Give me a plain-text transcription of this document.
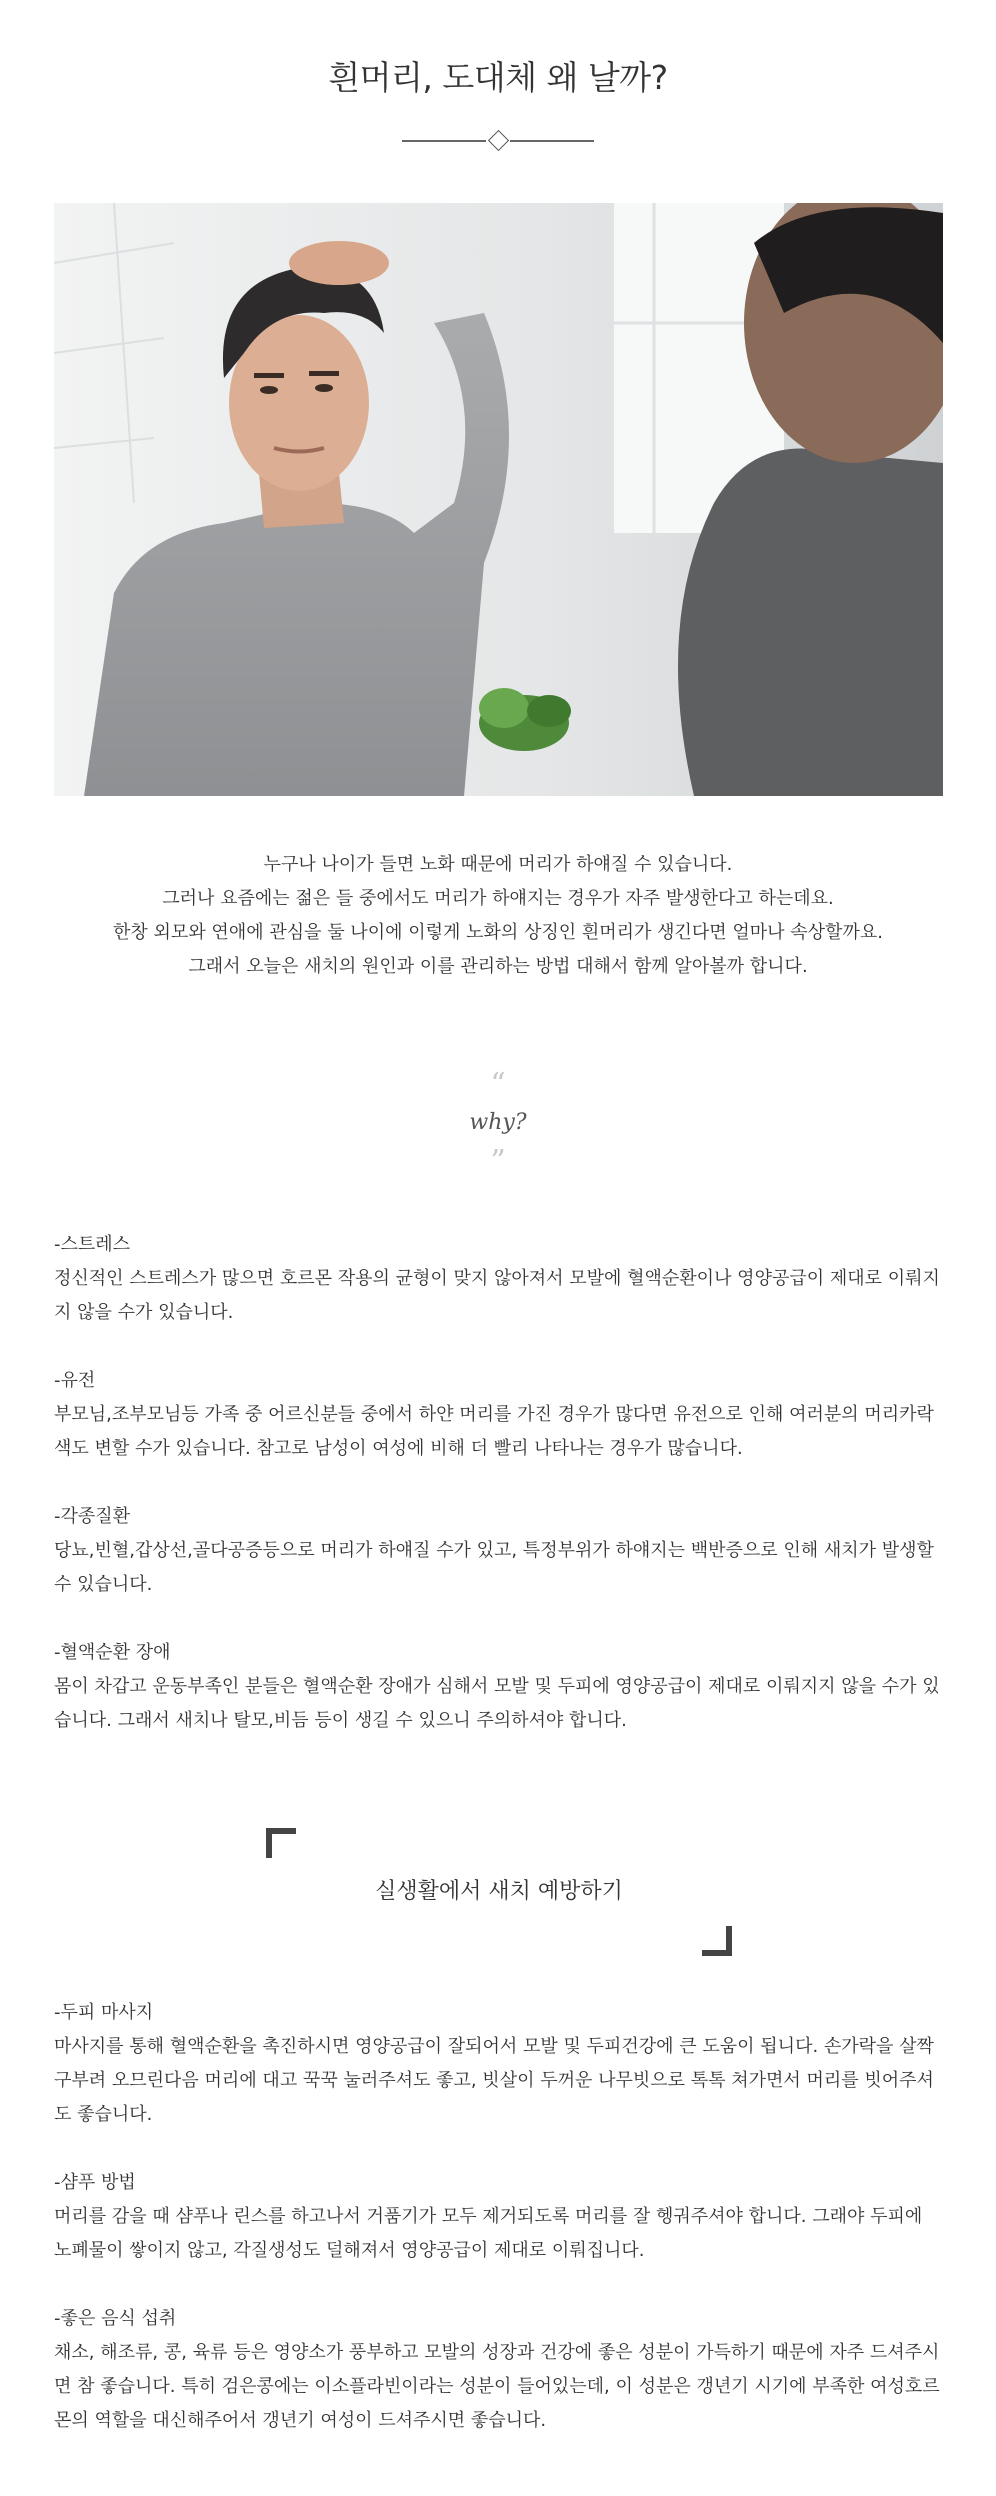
흰머리, 도대체 왜 날까?

누구나 나이가 들면 노화 때문에 머리가 하얘질 수 있습니다.

그러나 요즘에는 젊은 들 중에서도 머리가 하얘지는 경우가 자주 발생한다고 하는데요.

한창 외모와 연애에 관심을 둘 나이에 이렇게 노화의 상징인 흰머리가 생긴다면 얼마나 속상할까요.

그래서 오늘은 새치의 원인과 이를 관리하는 방법 대해서 함께 알아볼까 합니다.

“
why?
”
-스트레스

정신적인 스트레스가 많으면 호르몬 작용의 균형이 맞지 않아져서 모발에 혈액순환이나 영양공급이 제대로 이뤄지지 않을 수가 있습니다.

-유전

부모님,조부모님등 가족 중 어르신분들 중에서 하얀 머리를 가진 경우가 많다면 유전으로 인해 여러분의 머리카락 색도 변할 수가 있습니다. 참고로 남성이 여성에 비해 더 빨리 나타나는 경우가 많습니다.

-각종질환

당뇨,빈혈,갑상선,골다공증등으로 머리가 하얘질 수가 있고, 특정부위가 하얘지는 백반증으로 인해 새치가 발생할 수 있습니다.

-혈액순환 장애

몸이 차갑고 운동부족인 분들은 혈액순환 장애가 심해서 모발 및 두피에 영양공급이 제대로 이뤄지지 않을 수가 있습니다. 그래서 새치나 탈모,비듬 등이 생길 수 있으니 주의하셔야 합니다.

실생활에서 새치 예방하기
-두피 마사지

마사지를 통해 혈액순환을 촉진하시면 영양공급이 잘되어서 모발 및 두피건강에 큰 도움이 됩니다. 손가락을 살짝 구부려 오므린다음 머리에 대고 꾹꾹 눌러주셔도 좋고, 빗살이 두꺼운 나무빗으로 톡톡 쳐가면서 머리를 빗어주셔도 좋습니다.

-샴푸 방법

머리를 감을 때 샴푸나 린스를 하고나서 거품기가 모두 제거되도록 머리를 잘 헹궈주셔야 합니다. 그래야 두피에 노폐물이 쌓이지 않고, 각질생성도 덜해져서 영양공급이 제대로 이뤄집니다.

-좋은 음식 섭취

채소, 해조류, 콩, 육류 등은 영양소가 풍부하고 모발의 성장과 건강에 좋은 성분이 가득하기 때문에 자주 드셔주시면 참 좋습니다. 특히 검은콩에는 이소플라빈이라는 성분이 들어있는데, 이 성분은 갱년기 시기에 부족한 여성호르몬의 역할을 대신해주어서 갱년기 여성이 드셔주시면 좋습니다.
